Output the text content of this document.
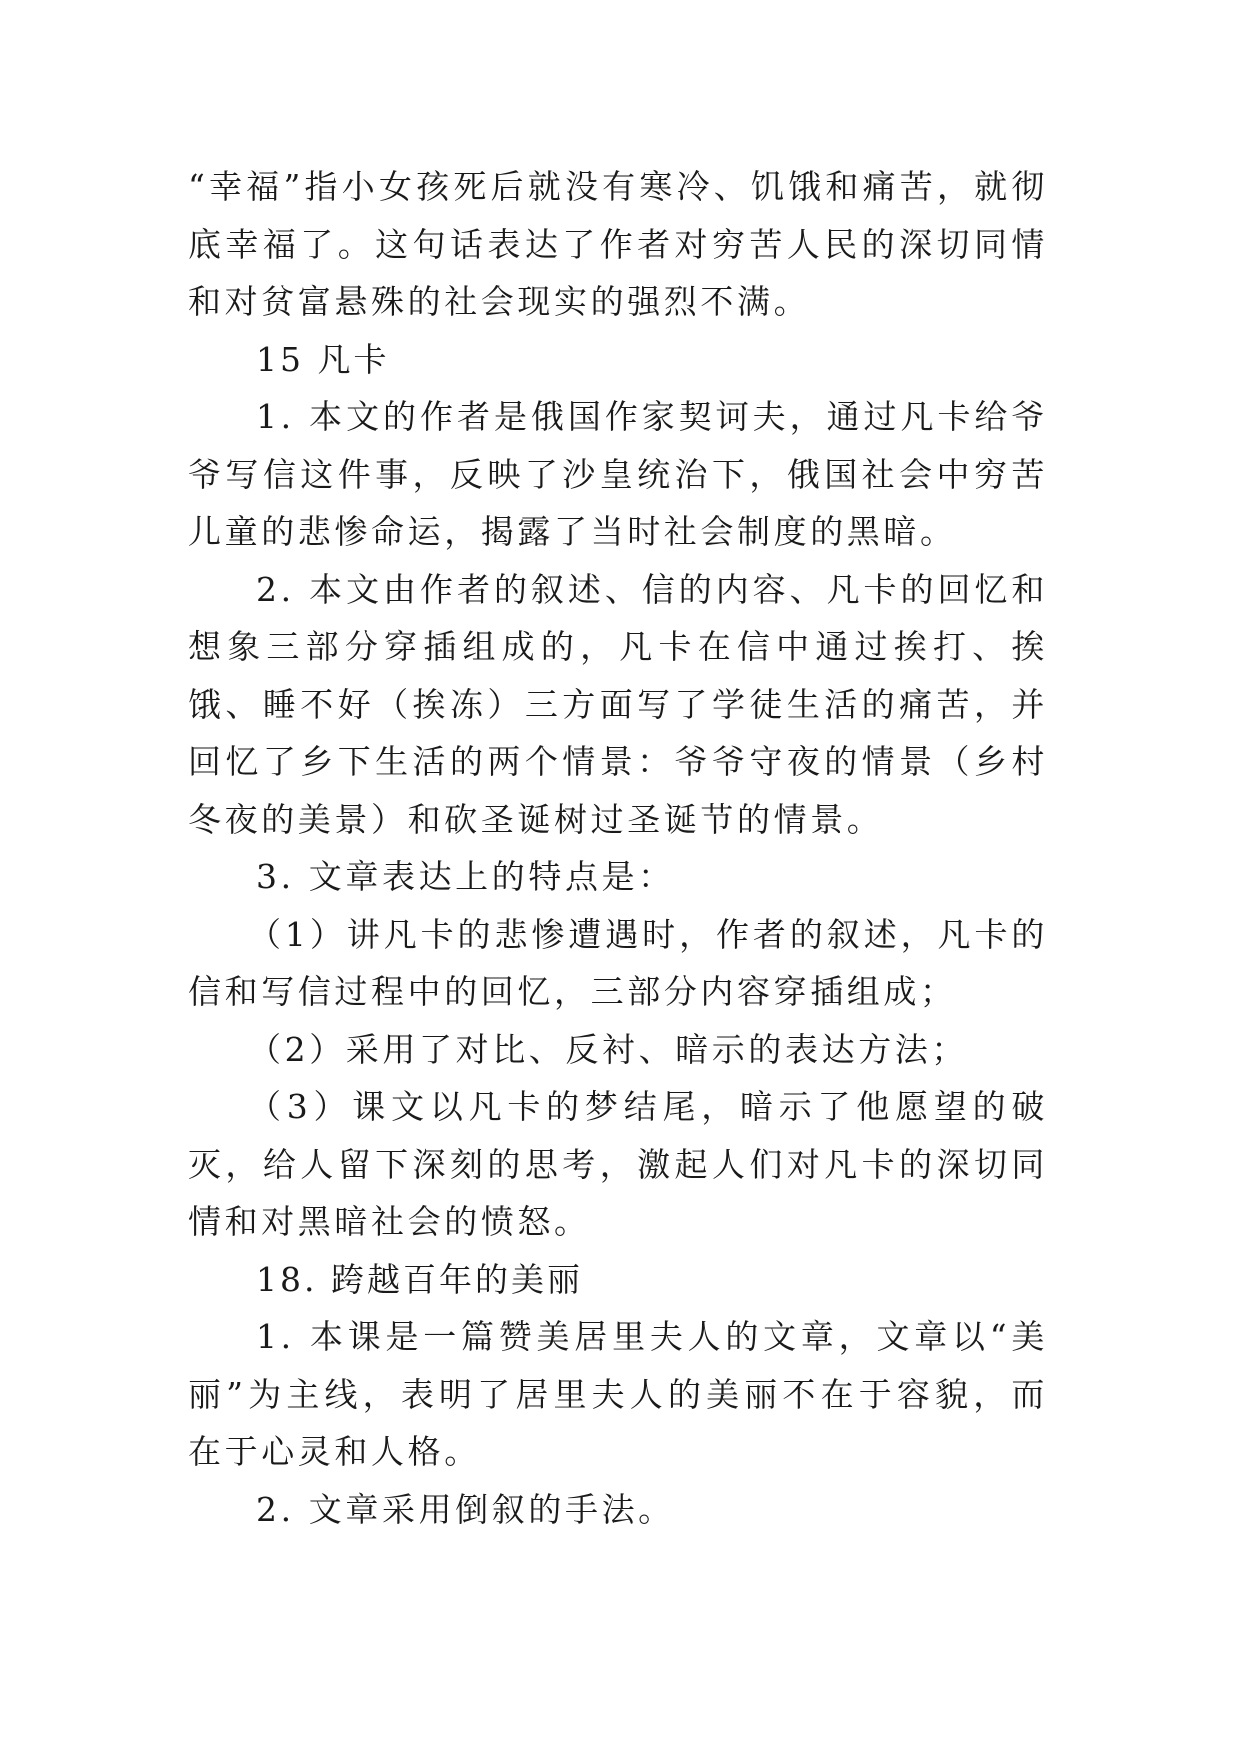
“幸福”指小女孩死后就没有寒冷、饥饿和痛苦，就彻底幸福了。这句话表达了作者对穷苦人民的深切同情和对贫富悬殊的社会现实的强烈不满。

15 凡卡

1. 本文的作者是俄国作家契诃夫，通过凡卡给爷爷写信这件事，反映了沙皇统治下，俄国社会中穷苦儿童的悲惨命运，揭露了当时社会制度的黑暗。

2. 本文由作者的叙述、信的内容、凡卡的回忆和想象三部分穿插组成的，凡卡在信中通过挨打、挨饿、睡不好（挨冻）三方面写了学徒生活的痛苦，并回忆了乡下生活的两个情景：爷爷守夜的情景（乡村冬夜的美景）和砍圣诞树过圣诞节的情景。

3. 文章表达上的特点是：

（1）讲凡卡的悲惨遭遇时，作者的叙述，凡卡的信和写信过程中的回忆，三部分内容穿插组成；

（2）采用了对比、反衬、暗示的表达方法；

（3）课文以凡卡的梦结尾，暗示了他愿望的破灭，给人留下深刻的思考，激起人们对凡卡的深切同情和对黑暗社会的愤怒。

18. 跨越百年的美丽

1. 本课是一篇赞美居里夫人的文章，文章以“美丽”为主线，表明了居里夫人的美丽不在于容貌，而在于心灵和人格。

2. 文章采用倒叙的手法。
